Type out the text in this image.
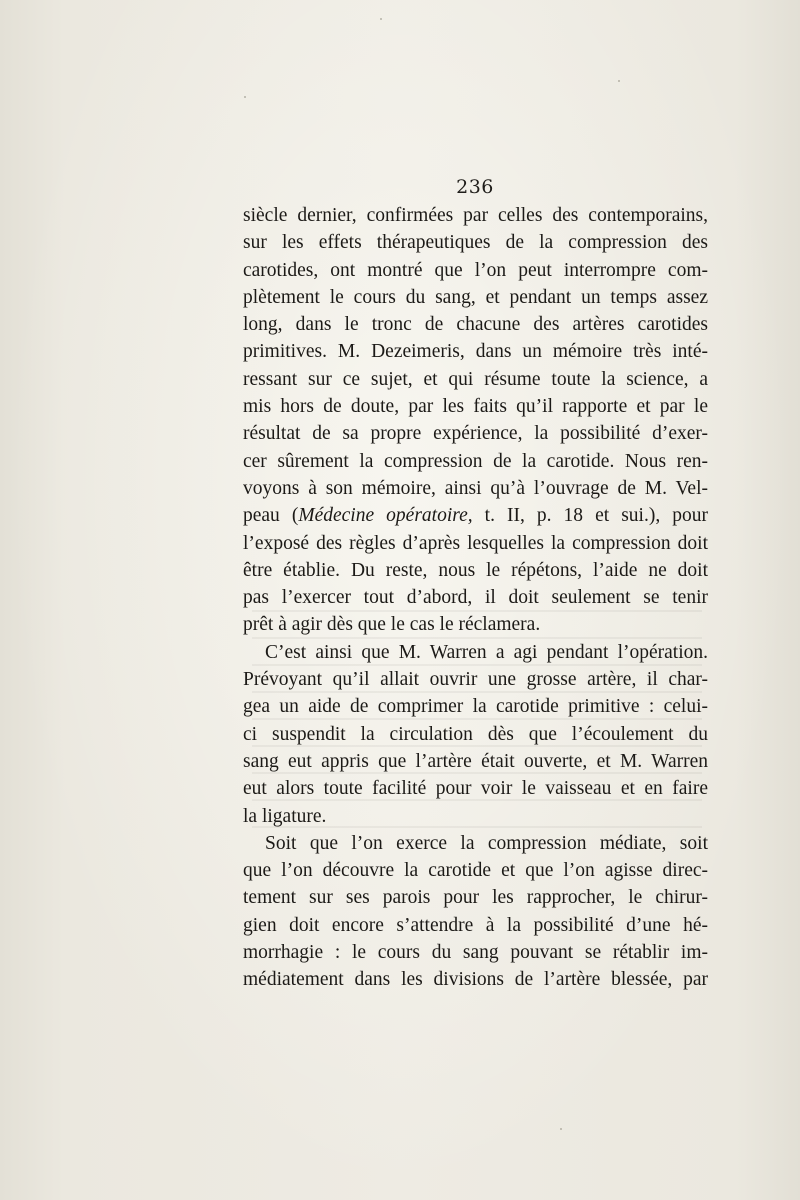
236
siècle dernier, confirmées par celles des contemporains,
sur les effets thérapeutiques de la compression des
carotides, ont montré que l’on peut interrompre com-
plètement le cours du sang, et pendant un temps assez
long, dans le tronc de chacune des artères carotides
primitives. M. Dezeimeris, dans un mémoire très inté-
ressant sur ce sujet, et qui résume toute la science, a
mis hors de doute, par les faits qu’il rapporte et par le
résultat de sa propre expérience, la possibilité d’exer-
cer sûrement la compression de la carotide. Nous ren-
voyons à son mémoire, ainsi qu’à l’ouvrage de M. Vel-
peau (Médecine opératoire, t. II, p. 18 et sui.), pour
l’exposé des règles d’après lesquelles la compression doit
être établie. Du reste, nous le répétons, l’aide ne doit
pas l’exercer tout d’abord, il doit seulement se tenir
prêt à agir dès que le cas le réclamera.
C’est ainsi que M. Warren a agi pendant l’opération.
Prévoyant qu’il allait ouvrir une grosse artère, il char-
gea un aide de comprimer la carotide primitive : celui-
ci suspendit la circulation dès que l’écoulement du
sang eut appris que l’artère était ouverte, et M. Warren
eut alors toute facilité pour voir le vaisseau et en faire
la ligature.
Soit que l’on exerce la compression médiate, soit
que l’on découvre la carotide et que l’on agisse direc-
tement sur ses parois pour les rapprocher, le chirur-
gien doit encore s’attendre à la possibilité d’une hé-
morrhagie : le cours du sang pouvant se rétablir im-
médiatement dans les divisions de l’artère blessée, par
